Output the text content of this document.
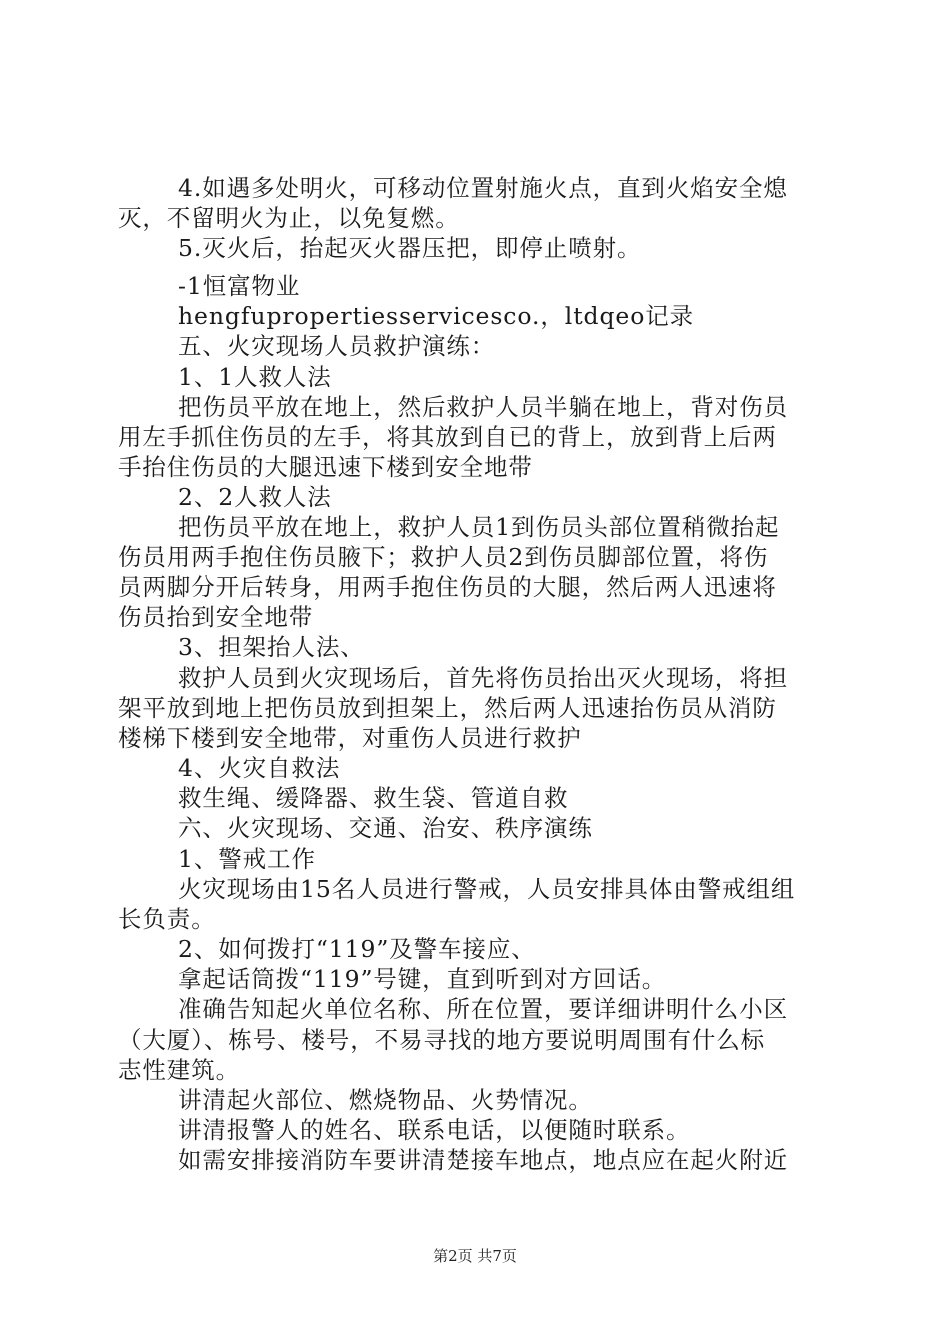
4.如遇多处明火，可移动位置射施火点，直到火焰安全熄
灭，不留明火为止，以免复燃。
5.灭火后，抬起灭火器压把，即停止喷射。
-1恒富物业
hengfupropertiesservicesco.，ltdqeo记录
五、火灾现场人员救护演练：
1、1人救人法
把伤员平放在地上，然后救护人员半躺在地上，背对伤员
用左手抓住伤员的左手，将其放到自已的背上，放到背上后两
手抬住伤员的大腿迅速下楼到安全地带
2、2人救人法
把伤员平放在地上，救护人员1到伤员头部位置稍微抬起
伤员用两手抱住伤员腋下；救护人员2到伤员脚部位置，将伤
员两脚分开后转身，用两手抱住伤员的大腿，然后两人迅速将
伤员抬到安全地带
3、担架抬人法、
救护人员到火灾现场后，首先将伤员抬出灭火现场，将担
架平放到地上把伤员放到担架上，然后两人迅速抬伤员从消防
楼梯下楼到安全地带，对重伤人员进行救护
4、火灾自救法
救生绳、缓降器、救生袋、管道自救
六、火灾现场、交通、治安、秩序演练
1、警戒工作
火灾现场由15名人员进行警戒，人员安排具体由警戒组组
长负责。
2、如何拨打“119”及警车接应、
拿起话筒拨“119”号键，直到听到对方回话。
准确告知起火单位名称、所在位置，要详细讲明什么小区
（大厦）、栋号、楼号，不易寻找的地方要说明周围有什么标
志性建筑。
讲清起火部位、燃烧物品、火势情况。
讲清报警人的姓名、联系电话，以便随时联系。
如需安排接消防车要讲清楚接车地点，地点应在起火附近
第2页 共7页
